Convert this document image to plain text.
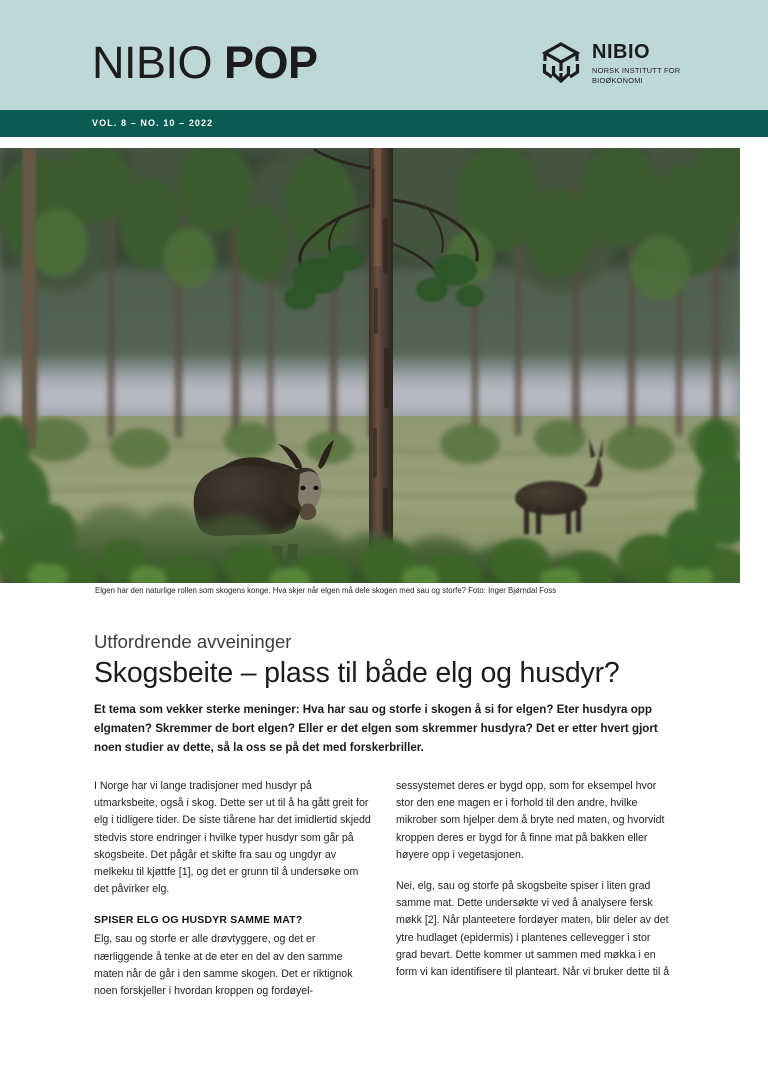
NIBIO POP	NIBIO
NORSK INSTITUTT FOR
BIOØKONOMI
VOL. 8 – NO. 10 – 2022
Elgen har den naturlige rollen som skogens konge. Hva skjer når elgen må dele skogen med sau og storfe? Foto: Inger Bjørndal Foss
Utfordrende avveininger
Skogsbeite – plass til både elg og husdyr?

Et tema som vekker sterke meninger: Hva har sau og storfe i skogen å si for elgen? Eter husdyra opp elgmaten? Skremmer de bort elgen? Eller er det elgen som skremmer husdyra? Det er etter hvert gjort noen studier av dette, så la oss se på det med forskerbriller.

I Norge har vi lange tradisjoner med husdyr på utmarksbeite, også i skog. Dette ser ut til å ha gått greit for elg i tidligere tider. De siste tiårene har det imidlertid skjedd stedvis store endringer i hvilke typer husdyr som går på skogsbeite. Det pågår et skifte fra sau og ungdyr av melkeku til kjøttfe [1], og det er grunn til å undersøke om det påvirker elg.

SPISER ELG OG HUSDYR SAMME MAT?

Elg, sau og storfe er alle drøvtyggere, og det er nærliggende å tenke at de eter en del av den samme maten når de går i den samme skogen. Det er riktignok noen forskjeller i hvordan kroppen og fordøyel-

sessystemet deres er bygd opp, som for eksempel hvor stor den ene magen er i forhold til den andre, hvilke mikrober som hjelper dem å bryte ned maten, og hvorvidt kroppen deres er bygd for å finne mat på bakken eller høyere opp i vegetasjonen.

Nei, elg, sau og storfe på skogsbeite spiser i liten grad samme mat. Dette undersøkte vi ved å analysere fersk møkk [2]. Når planteetere fordøyer maten, blir deler av det ytre hudlaget (epidermis) i plantenes cellevegger i stor grad bevart. Dette kommer ut sammen med møkka i en form vi kan identifisere til planteart. Når vi bruker dette til å
